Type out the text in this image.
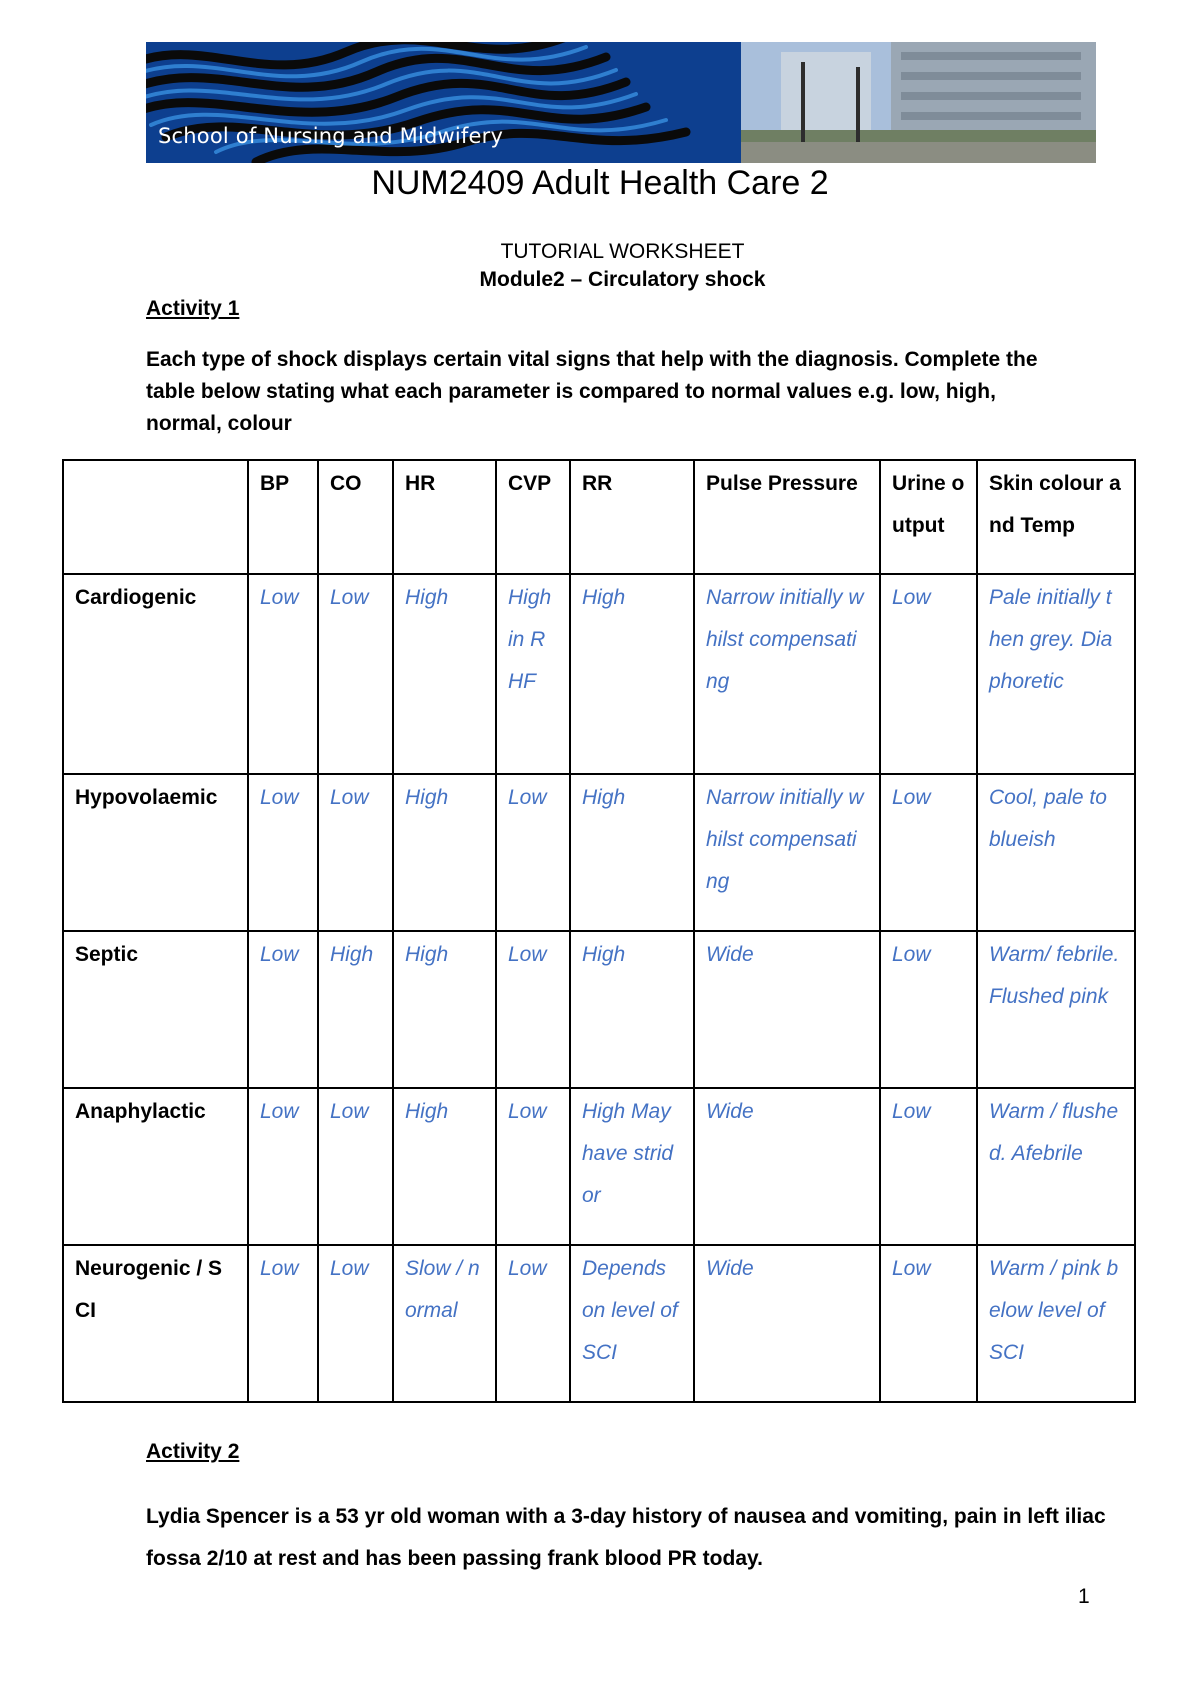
School of Nursing and Midwifery
NUM2409 Adult Health Care 2
TUTORIAL WORKSHEET
Module2 – Circulatory shock
Activity 1
Each type of shock displays certain vital signs that help with the diagnosis. Complete the table below stating what each parameter is compared to normal values e.g. low, high, normal, colour
	BP	CO	HR	CVP	RR	Pulse Pressure	Urine output	Skin colour and Temp
Cardiogenic	Low	Low	High	High in RHF	High	Narrow initially whilst compensating	Low	Pale initially then grey. Diaphoretic
Hypovolaemic	Low	Low	High	Low	High	Narrow initially whilst compensating	Low	Cool, pale to blueish
Septic	Low	High	High	Low	High	Wide	Low	Warm/ febrile. Flushed pink
Anaphylactic	Low	Low	High	Low	High May have stridor	Wide	Low	Warm / flushed. Afebrile
Neurogenic / SCI	Low	Low	Slow / normal	Low	Depends on level of SCI	Wide	Low	Warm / pink below level of SCI
Activity 2
Lydia Spencer is a 53 yr old woman with a 3-day history of nausea and vomiting, pain in left iliac fossa 2/10 at rest and has been passing frank blood PR today.
1
